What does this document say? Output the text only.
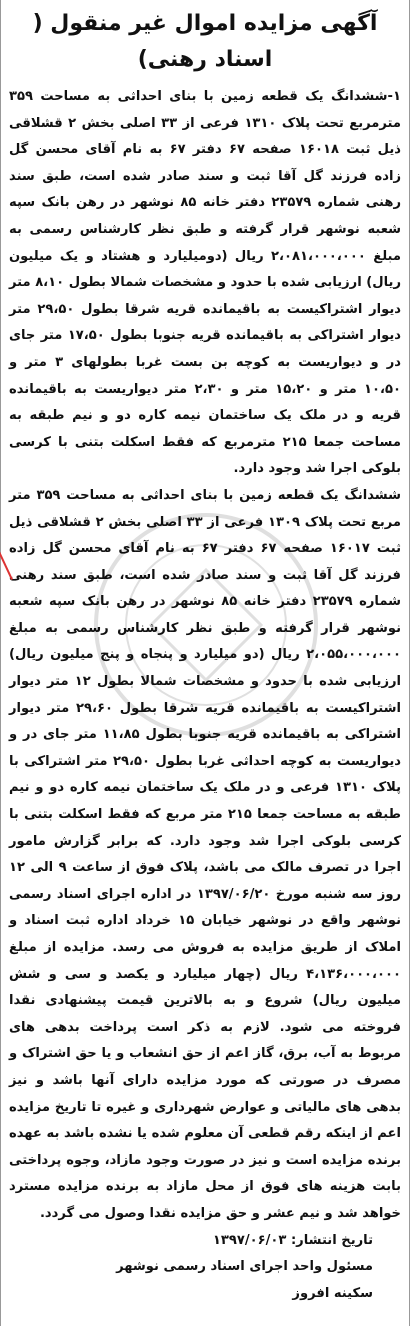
آگهی مزایده اموال غیر منقول ( اسناد رهنی)

۱-ششدانگ یک قطعه زمین با بنای احداثی به مساحت ۳۵۹ مترمربع تحت پلاک ۱۳۱۰ فرعی از ۳۳ اصلی بخش ۲ قشلاقی ذیل ثبت ۱۶۰۱۸ صفحه ۶۷ دفتر ۶۷ به نام آقای محسن گل زاده فرزند گل آقا ثبت و سند صادر شده است، طبق سند رهنی شماره ۲۳۵۷۹ دفتر خانه ۸۵ نوشهر در رهن بانک سپه شعبه نوشهر قرار گرفته و طبق نظر کارشناس رسمی به مبلغ ۲،۰۸۱،۰۰۰،۰۰۰ ریال (دومیلیارد و هشتاد و یک میلیون ریال) ارزیابی شده با حدود و مشخصات شمالا بطول ۸،۱۰ متر دیوار اشتراکیست به باقیمانده قریه شرقا بطول ۲۹،۵۰ متر دیوار اشتراکی به باقیمانده قریه جنوبا بطول ۱۷،۵۰ متر جای در و دیواریست به کوچه بن بست غربا بطولهای ۳ متر و ۱۰،۵۰ متر و ۱۵،۲۰ متر و ۲،۳۰ متر دیواریست به باقیمانده قریه و در ملک یک ساختمان نیمه کاره دو و نیم طبقه به مساحت جمعا ۲۱۵ مترمربع که فقط اسکلت بتنی با کرسی بلوکی اجرا شد وجود دارد.

ششدانگ یک قطعه زمین با بنای احداثی به مساحت ۳۵۹ متر مربع تحت پلاک ۱۳۰۹ فرعی از ۳۳ اصلی بخش ۲ قشلاقی ذیل ثبت ۱۶۰۱۷ صفحه ۶۷ دفتر ۶۷ به نام آقای محسن گل زاده فرزند گل آقا ثبت و سند صادر شده است، طبق سند رهنی شماره ۲۳۵۷۹ دفتر خانه ۸۵ نوشهر در رهن بانک سپه شعبه نوشهر قرار گرفته و طبق نظر کارشناس رسمی به مبلغ ۲،۰۵۵،۰۰۰،۰۰۰ ریال (دو میلیارد و پنجاه و پنج میلیون ریال) ارزیابی شده با حدود و مشخصات شمالا بطول ۱۲ متر دیوار اشتراکیست به باقیمانده قریه شرقا بطول ۲۹،۶۰ متر دیوار اشتراکی به باقیمانده قریه جنوبا بطول ۱۱،۸۵ متر جای در و دیواریست به کوچه احداثی غربا بطول ۲۹،۵۰ متر اشتراکی با پلاک ۱۳۱۰ فرعی و در ملک یک ساختمان نیمه کاره دو و نیم طبقه به مساحت جمعا ۲۱۵ متر مربع که فقط اسکلت بتنی با کرسی بلوکی اجرا شد وجود دارد. که برابر گزارش مامور اجرا در تصرف مالک می باشد، پلاک فوق از ساعت ۹ الی ۱۲ روز سه شنبه مورخ ۱۳۹۷/۰۶/۲۰ در اداره اجرای اسناد رسمی نوشهر واقع در نوشهر خیابان ۱۵ خرداد اداره ثبت اسناد و املاک از طریق مزایده به فروش می رسد. مزایده از مبلغ ۴،۱۳۶،۰۰۰،۰۰۰ ریال (چهار میلیارد و یکصد و سی و شش میلیون ریال) شروع و به بالاترین قیمت پیشنهادی نقدا فروخته می شود. لازم به ذکر است پرداخت بدهی های مربوط به آب، برق، گاز اعم از حق انشعاب و یا حق اشتراک و مصرف در صورتی که مورد مزایده دارای آنها باشد و نیز بدهی های مالیاتی و عوارض شهرداری و غیره تا تاریخ مزایده اعم از اینکه رقم قطعی آن معلوم شده یا نشده باشد به عهده برنده مزایده است و نیز در صورت وجود مازاد، وجوه پرداختی بابت هزینه های فوق از محل مازاد به برنده مزایده مسترد خواهد شد و نیم عشر و حق مزایده نقدا وصول می گردد.

تاریخ انتشار: ۱۳۹۷/۰۶/۰۳
مسئول واحد اجرای اسناد رسمی نوشهر
سکینه افروز
